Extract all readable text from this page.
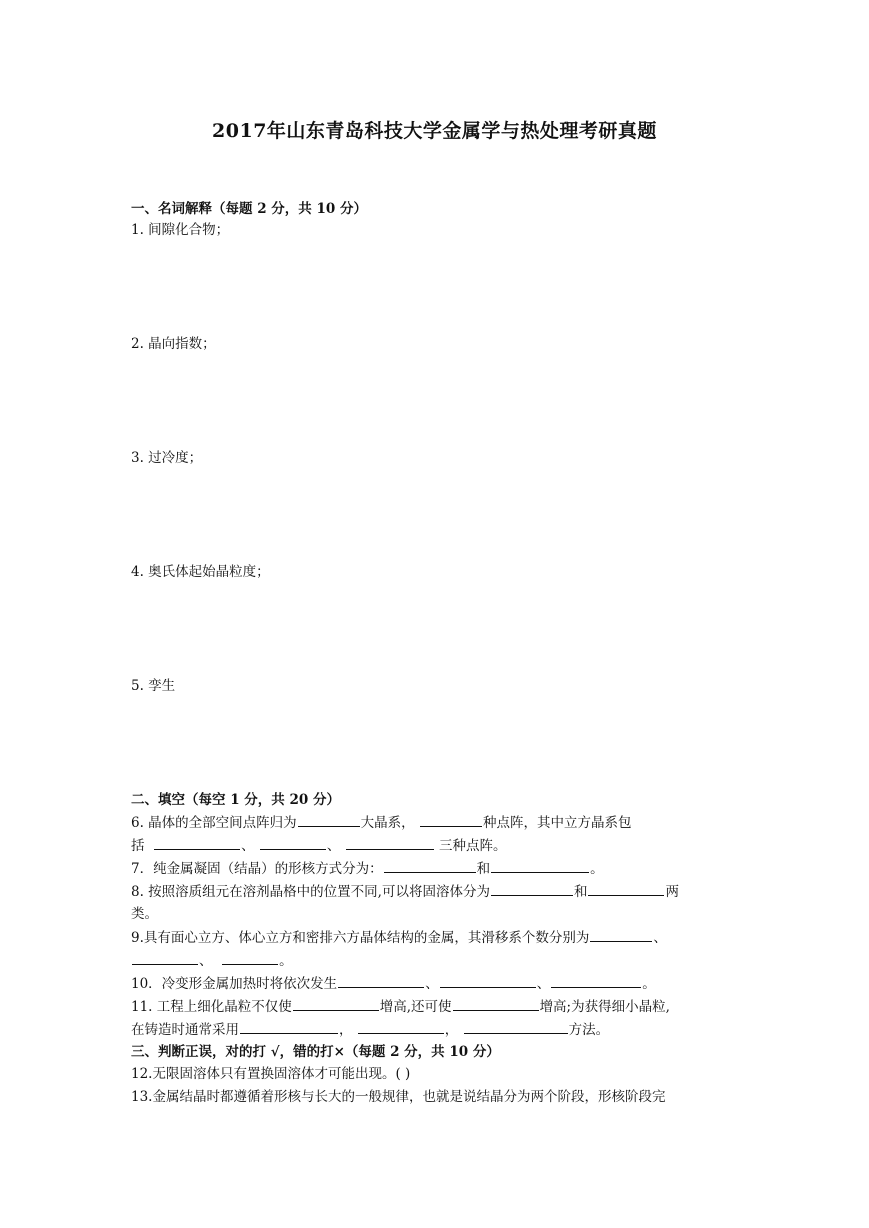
2017年山东青岛科技大学金属学与热处理考研真题
一、名词解释（每题 2 分，共 10 分）
1. 间隙化合物；
2. 晶向指数；
3. 过冷度；
4. 奥氏体起始晶粒度；
5. 孪生
二、填空（每空 1 分，共 20 分）
6. 晶体的全部空间点阵归为	大晶系，	种点阵，其中立方晶系包
括	、	、	三种点阵。
7．纯金属凝固（结晶）的形核方式分为：	和	。
8. 按照溶质组元在溶剂晶格中的位置不同,可以将固溶体分为	和	两
类。
9.具有面心立方、体心立方和密排六方晶体结构的金属，其滑移系个数分别为	、
、	。
10．冷变形金属加热时将依次发生	、	、	。
11. 工程上细化晶粒不仅使	增高,还可使	增高;为获得细小晶粒,
在铸造时通常采用	，	，	方法。
三、判断正误，对的打 √，错的打×（每题 2 分，共 10 分）
12.无限固溶体只有置换固溶体才可能出现。( )
13.金属结晶时都遵循着形核与长大的一般规律，也就是说结晶分为两个阶段，形核阶段完
